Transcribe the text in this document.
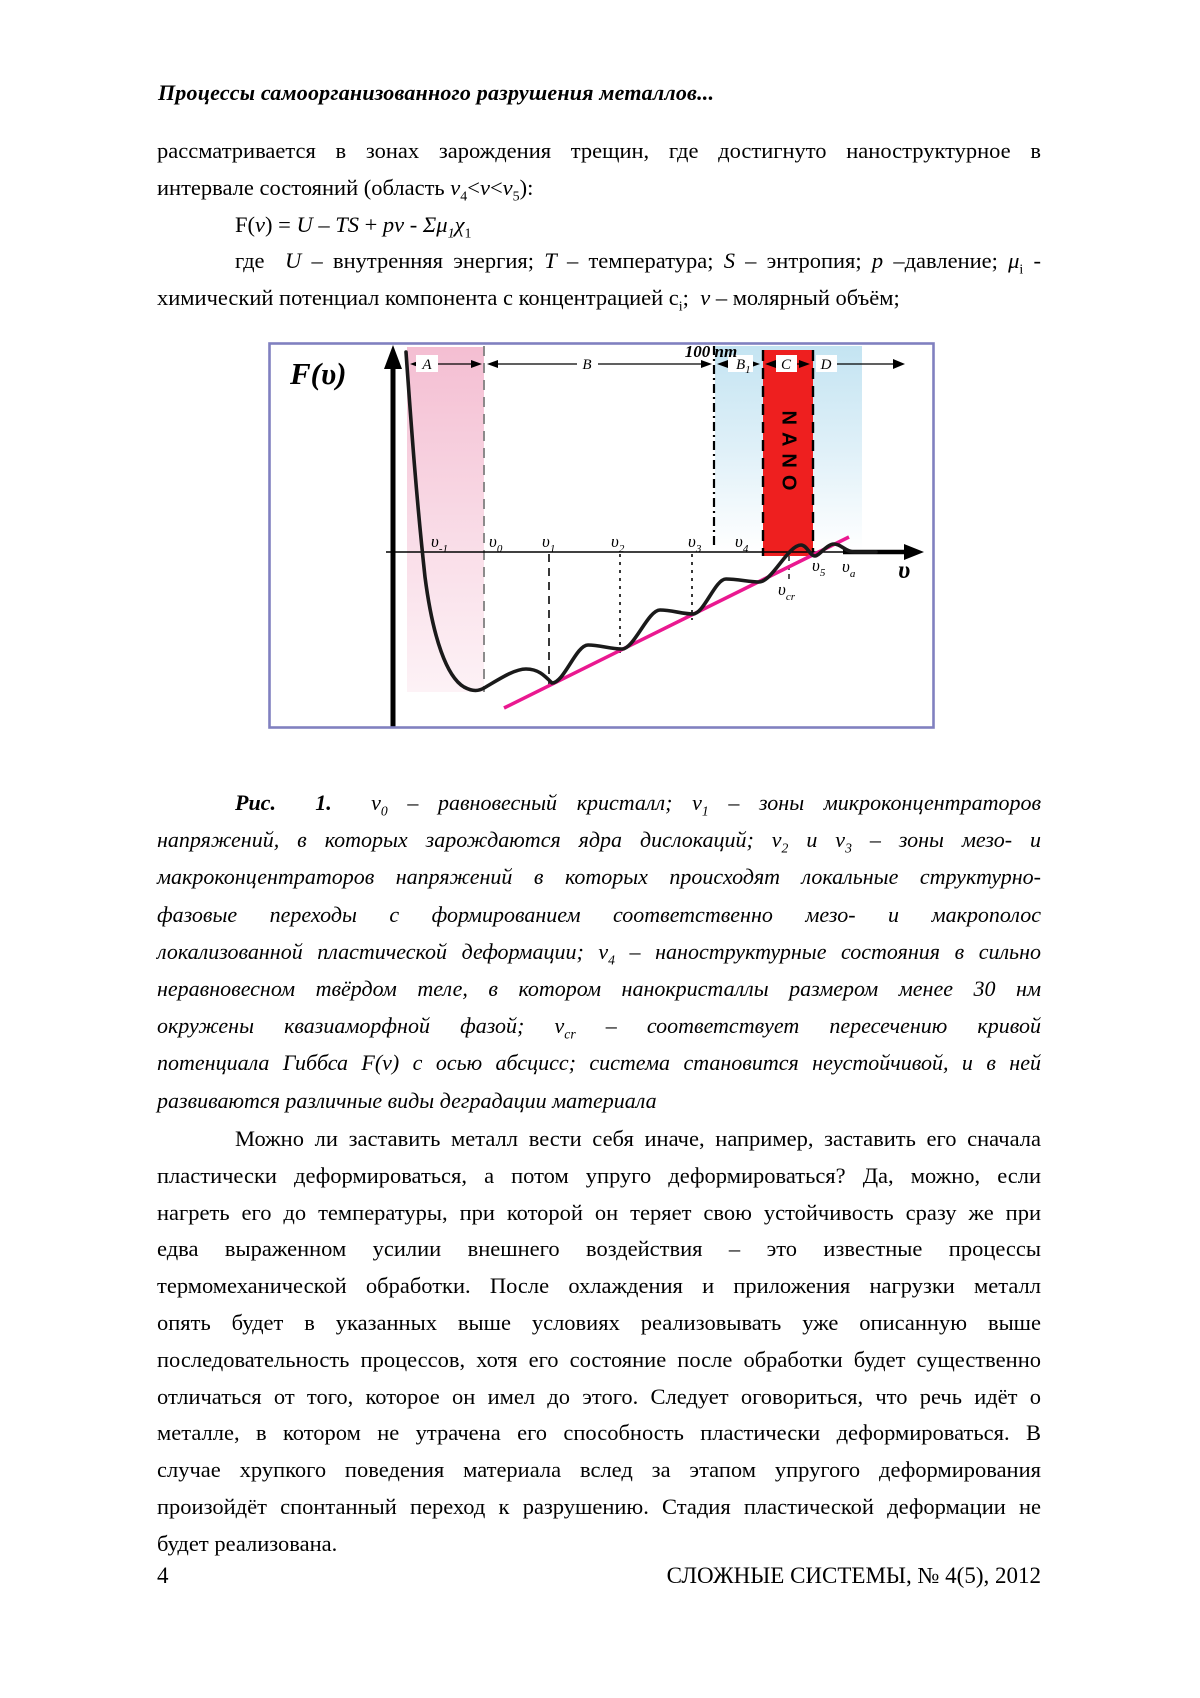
Процессы самоорганизованного разрушения металлов...
рассматривается в зонах зарождения трещин, где достигнуто наноструктурное в
интервале состояний (область $v_4<v<v_5$):
F(v) = U – TS + pv - $\Sigma\mu_1\chi_1$
где  U – внутренняя энергия; T – температура; S – энтропия; p –давление; $\mu_i$ -
химический потенциал компонента с концентрацией $c_i$;  v – молярный объём;
NANO
F(υ)	A	B	$B_1$ C D
100 nm
$\upsilon_{-1}$ $\upsilon_0$ $\upsilon_1$	$\upsilon_2$	$\upsilon_3$ $\upsilon_4$
$\upsilon_5$ $\upsilon_a$
$\upsilon_{cr}$
υ
Рис.  1.  $v_0$ – равновесный кристалл; $v_1$ – зоны микроконцентраторов
напряжений, в которых зарождаются ядра дислокаций; $v_2$ и $v_3$ – зоны мезо- и
макроконцентраторов напряжений в которых происходят локальные структурно-
фазовые переходы с формированием соответственно мезо- и макрополос
локализованной пластической деформации; $v_4$ – наноструктурные состояния в сильно
неравновесном твёрдом теле, в котором нанокристаллы размером менее 30 нм
окружены квазиаморфной фазой; $v_{cr}$ – соответствует пересечению кривой
потенциала Гиббса F(v) с осью абсцисс; система становится неустойчивой, и в ней
развиваются различные виды деградации материала
Можно ли заставить металл вести себя иначе, например, заставить его сначала
пластически деформироваться, а потом упруго деформироваться? Да, можно, если
нагреть его до температуры, при которой он теряет свою устойчивость сразу же при
едва выраженном усилии внешнего воздействия – это известные процессы
термомеханической обработки. После охлаждения и приложения нагрузки металл
опять будет в указанных выше условиях реализовывать уже описанную выше
последовательность процессов, хотя его состояние после обработки будет существенно
отличаться от того, которое он имел до этого. Следует оговориться, что речь идёт о
металле, в котором не утрачена его способность пластически деформироваться. В
случае хрупкого поведения материала вслед за этапом упругого деформирования
произойдёт спонтанный переход к разрушению. Стадия пластической деформации не
будет реализована.
4	СЛОЖНЫЕ СИСТЕМЫ, № 4(5), 2012
